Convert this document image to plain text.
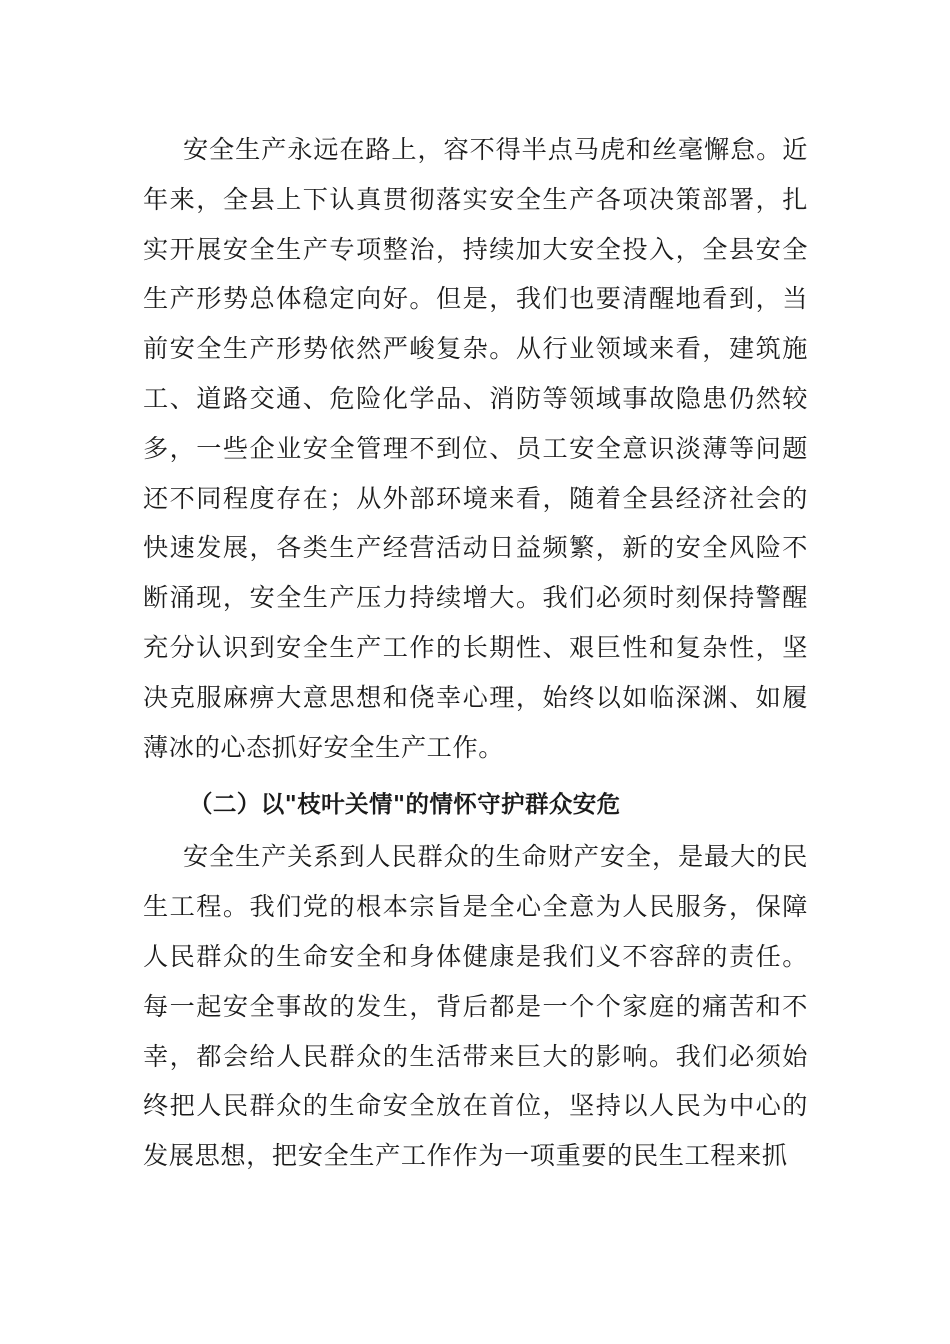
安全生产永远在路上，容不得半点马虎和丝毫懈怠。近年来，全县上下认真贯彻落实安全生产各项决策部署，扎实开展安全生产专项整治，持续加大安全投入，全县安全生产形势总体稳定向好。但是，我们也要清醒地看到，当前安全生产形势依然严峻复杂。从行业领域来看，建筑施工、道路交通、危险化学品、消防等领域事故隐患仍然较多，一些企业安全管理不到位、员工安全意识淡薄等问题还不同程度存在；从外部环境来看，随着全县经济社会的快速发展，各类生产经营活动日益频繁，新的安全风险不断涌现，安全生产压力持续增大。我们必须时刻保持警醒充分认识到安全生产工作的长期性、艰巨性和复杂性，坚决克服麻痹大意思想和侥幸心理，始终以如临深渊、如履薄冰的心态抓好安全生产工作。

（二）以"枝叶关情"的情怀守护群众安危

安全生产关系到人民群众的生命财产安全，是最大的民生工程。我们党的根本宗旨是全心全意为人民服务，保障人民群众的生命安全和身体健康是我们义不容辞的责任。每一起安全事故的发生，背后都是一个个家庭的痛苦和不幸，都会给人民群众的生活带来巨大的影响。我们必须始终把人民群众的生命安全放在首位，坚持以人民为中心的发展思想，把安全生产工作作为一项重要的民生工程来抓
